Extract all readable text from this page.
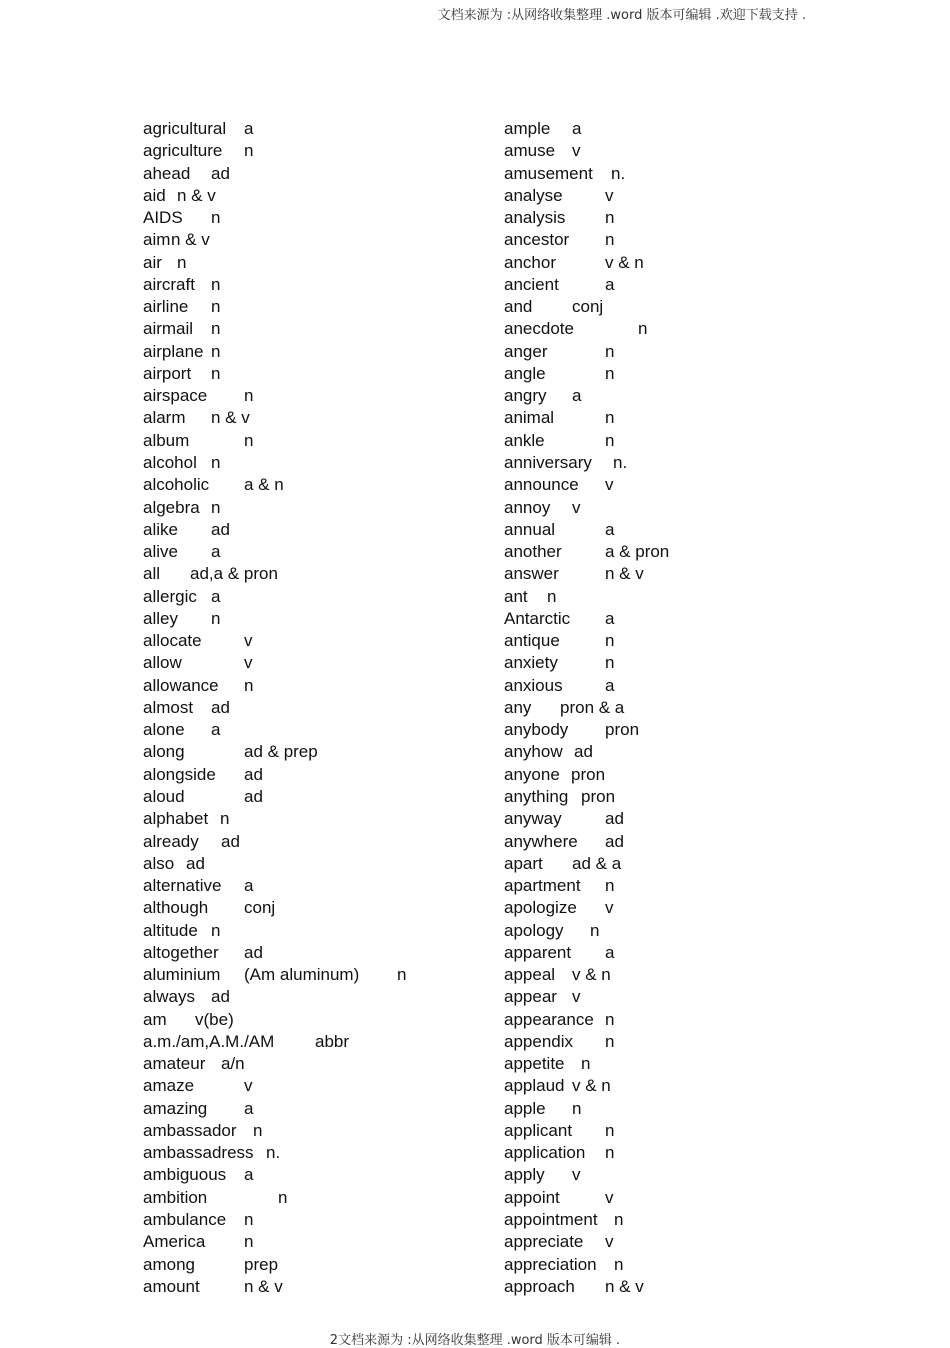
文档来源为 :从网络收集整理 .word 版本可编辑 .欢迎下载支持 .
agricultural a
agriculture n
ahead ad
aid n & v
AIDS n
aim n & v
air n
aircraft n
airline n
airmail n
airplane n
airport n
airspace n
alarm n & v
album	n
alcohol n
alcoholic a & n
algebra n
alike ad
alive a
all ad,a & pron
allergic a
alley n
allocate v
allow	v
allowance n
almost ad
alone a
along	ad & prep
alongside ad
aloud	ad
alphabet n
already ad
also ad
alternative a
although conj
altitude n
altogether ad
aluminium (Am aluminum) n
always ad
am v(be)
a.m./am,A.M./AM abbr
amateur a/n
amaze	v
amazing a
ambassador n
ambassadress n.
ambiguous a
ambition	n
ambulance n
America n
among	prep
amount	n & v
ample a
amuse v
amusement n.
analyse v
analysis n
ancestor n
anchor	v & n
ancient	a
and conj
anecdote	n
anger	n
angle	n
angry a
animal	n
ankle	n
anniversary n.
announce v
annoy v
annual	a
another	a & pron
answer	n & v
ant n
Antarctic a
antique	n
anxiety	n
anxious a
any pron & a
anybody pron
anyhow ad
anyone pron
anything pron
anyway	ad
anywhere ad
apart ad & a
apartment n
apologize v
apology n
apparent a
appeal v & n
appear v
appearance n
appendix n
appetite n
applaud v & n
apple n
applicant n
application n
apply v
appoint	v
appointment n
appreciate v
appreciation n
approach n & v
2文档来源为 :从网络收集整理 .word 版本可编辑 .
